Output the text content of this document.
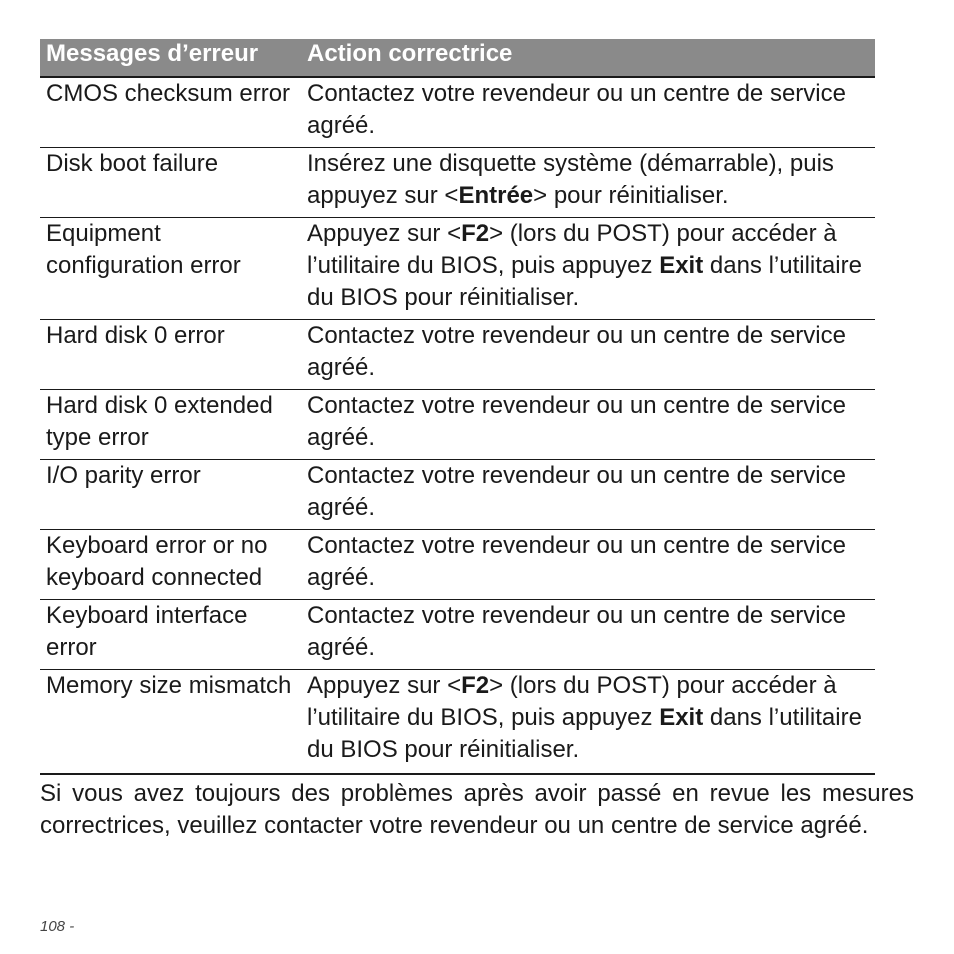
Messages d’erreur	Action correctrice
CMOS checksum error	Contactez votre revendeur ou un centre de service agréé.
Disk boot failure	Insérez une disquette système (démarrable), puis appuyez sur <Entrée> pour réinitialiser.
Equipment configuration error	Appuyez sur <F2> (lors du POST) pour accéder à l’utilitaire du BIOS, puis appuyez Exit dans l’utilitaire du BIOS pour réinitialiser.
Hard disk 0 error	Contactez votre revendeur ou un centre de service agréé.
Hard disk 0 extended type error	Contactez votre revendeur ou un centre de service agréé.
I/O parity error	Contactez votre revendeur ou un centre de service agréé.
Keyboard error or no keyboard connected	Contactez votre revendeur ou un centre de service agréé.
Keyboard interface error	Contactez votre revendeur ou un centre de service agréé.
Memory size mismatch	Appuyez sur <F2> (lors du POST) pour accéder à l’utilitaire du BIOS, puis appuyez Exit dans l’utilitaire du BIOS pour réinitialiser.

Si vous avez toujours des problèmes après avoir passé en revue les mesures correctrices, veuillez contacter votre revendeur ou un centre de service agréé.

108 -
